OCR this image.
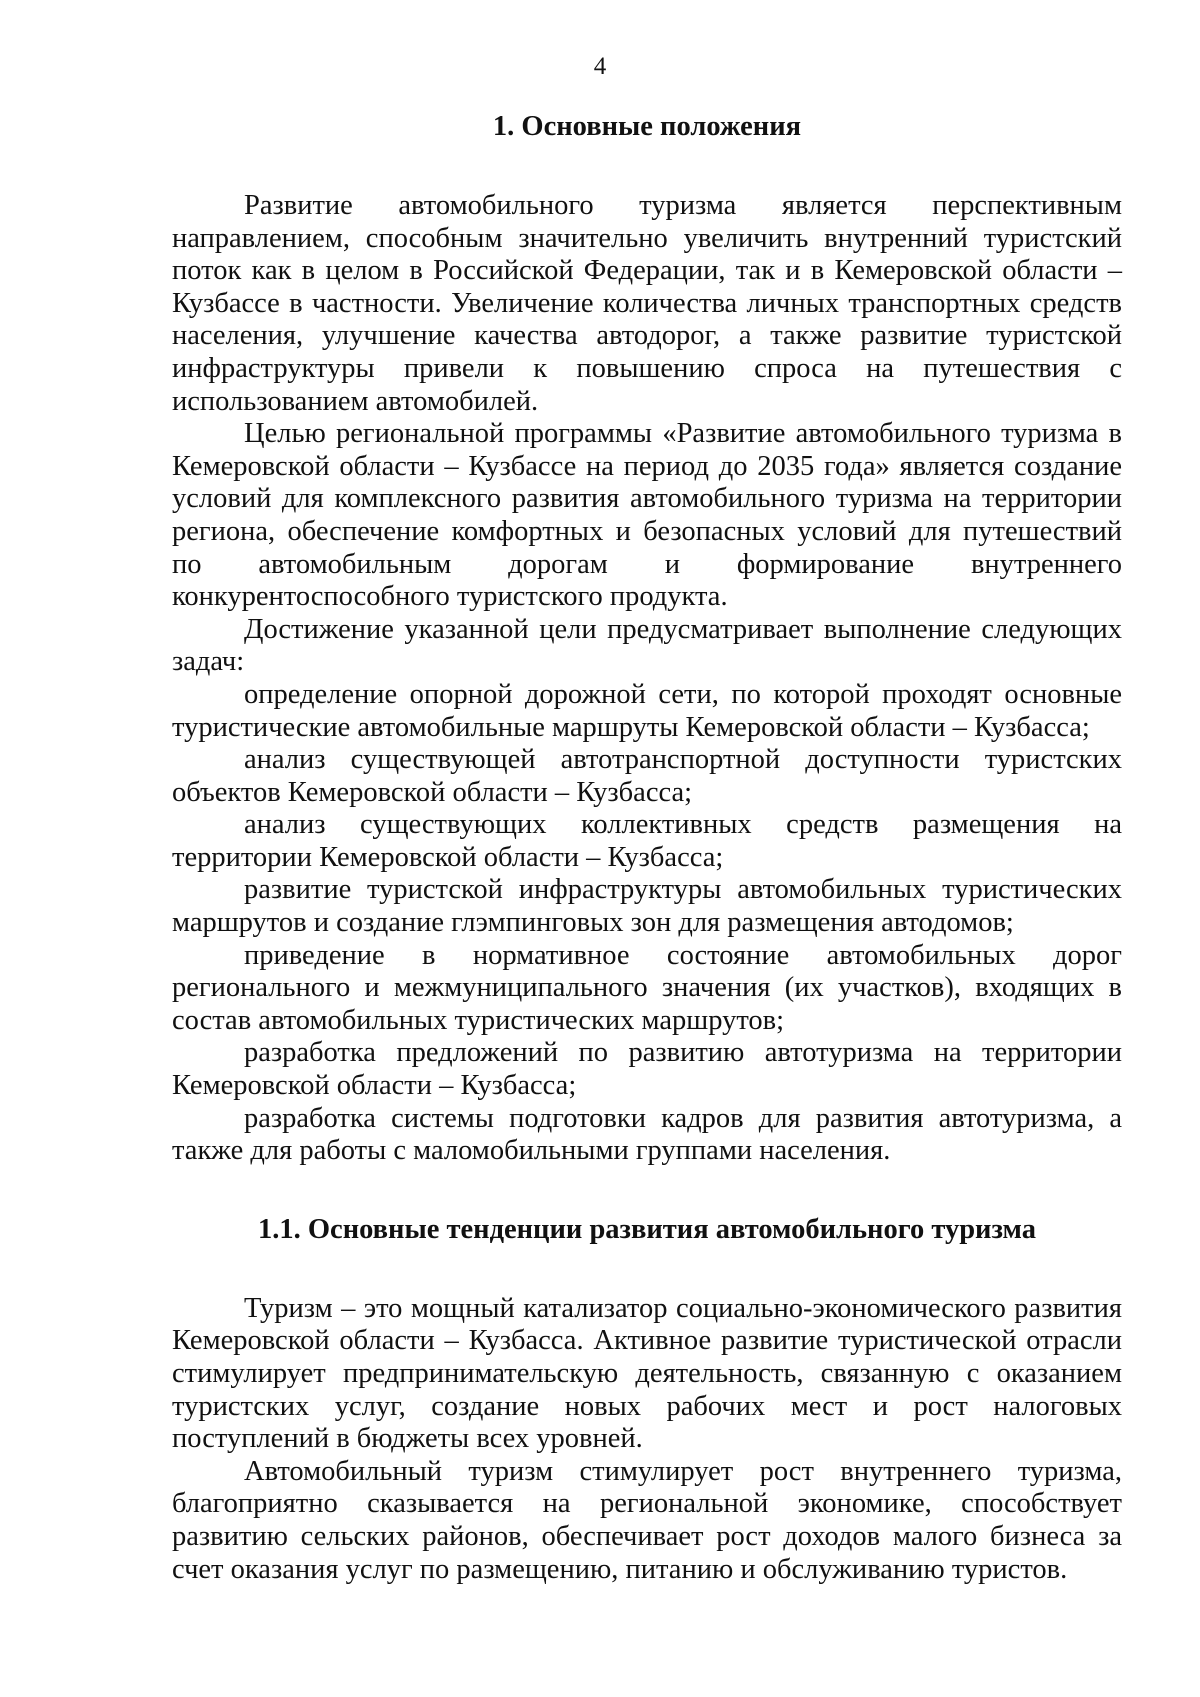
4
1. Основные положения

Развитие автомобильного туризма является перспективным направлением, способным значительно увеличить внутренний туристский поток как в целом в Российской Федерации, так и в Кемеровской области – Кузбассе в частности. Увеличение количества личных транспортных средств населения, улучшение качества автодорог, а также развитие туристской инфраструктуры привели к повышению спроса на путешествия с использованием автомобилей.

Целью региональной программы «Развитие автомобильного туризма в Кемеровской области – Кузбассе на период до 2035 года» является создание условий для комплексного развития автомобильного туризма на территории региона, обеспечение комфортных и безопасных условий для путешествий по автомобильным дорогам и формирование внутреннего конкурентоспособного туристского продукта.

Достижение указанной цели предусматривает выполнение следующих задач:

определение опорной дорожной сети, по которой проходят основные туристические автомобильные маршруты Кемеровской области – Кузбасса;

анализ существующей автотранспортной доступности туристских объектов Кемеровской области – Кузбасса;

анализ существующих коллективных средств размещения на территории Кемеровской области – Кузбасса;

развитие туристской инфраструктуры автомобильных туристических маршрутов и создание глэмпинговых зон для размещения автодомов;

приведение в нормативное состояние автомобильных дорог регионального и межмуниципального значения (их участков), входящих в состав автомобильных туристических маршрутов;

разработка предложений по развитию автотуризма на территории Кемеровской области – Кузбасса;

разработка системы подготовки кадров для развития автотуризма, а также для работы с маломобильными группами населения.

1.1. Основные тенденции развития автомобильного туризма

Туризм – это мощный катализатор социально-экономического развития Кемеровской области – Кузбасса. Активное развитие туристической отрасли стимулирует предпринимательскую деятельность, связанную с оказанием туристских услуг, создание новых рабочих мест и рост налоговых поступлений в бюджеты всех уровней.

Автомобильный туризм стимулирует рост внутреннего туризма, благоприятно сказывается на региональной экономике, способствует развитию сельских районов, обеспечивает рост доходов малого бизнеса за счет оказания услуг по размещению, питанию и обслуживанию туристов.
